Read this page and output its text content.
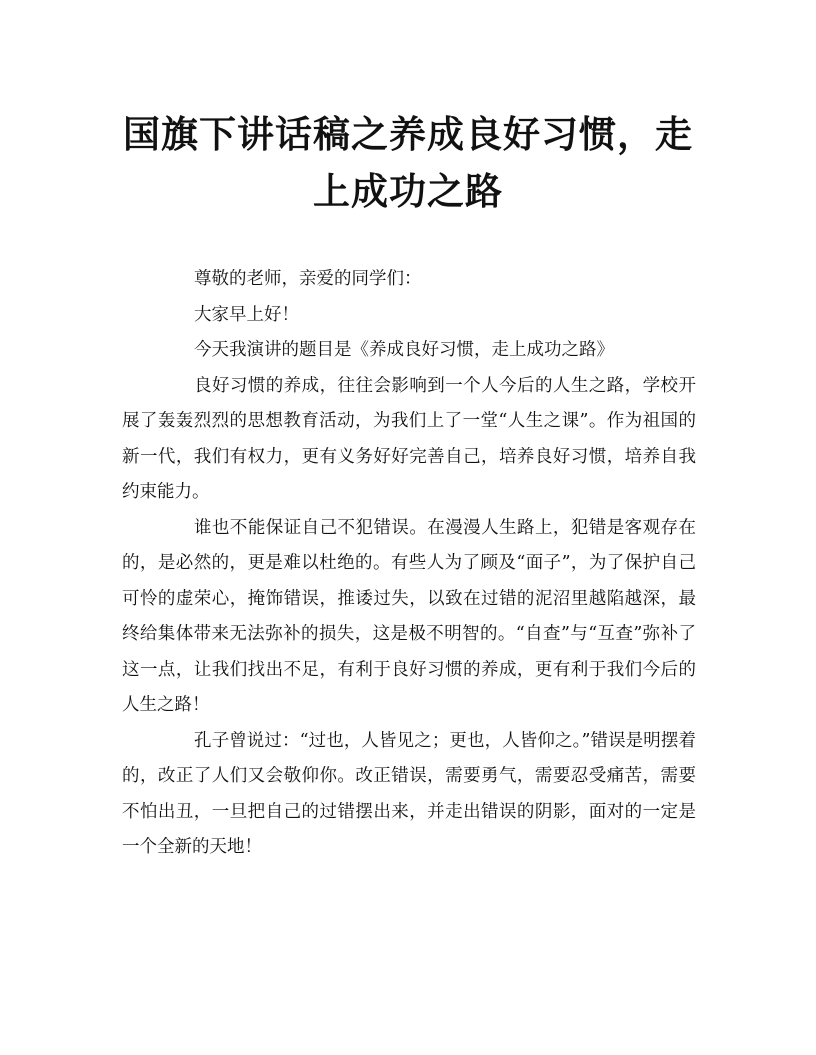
国旗下讲话稿之养成良好习惯，走上成功之路

尊敬的老师，亲爱的同学们：

大家早上好！

今天我演讲的题目是《养成良好习惯，走上成功之路》

良好习惯的养成，往往会影响到一个人今后的人生之路，学校开展了轰轰烈烈的思想教育活动，为我们上了一堂“人生之课”。作为祖国的新一代，我们有权力，更有义务好好完善自己，培养良好习惯，培养自我约束能力。

谁也不能保证自己不犯错误。在漫漫人生路上，犯错是客观存在的，是必然的，更是难以杜绝的。有些人为了顾及“面子”，为了保护自己可怜的虚荣心，掩饰错误，推诿过失，以致在过错的泥沼里越陷越深，最终给集体带来无法弥补的损失，这是极不明智的。“自查”与“互查”弥补了这一点，让我们找出不足，有利于良好习惯的养成，更有利于我们今后的人生之路！

孔子曾说过：“过也，人皆见之；更也，人皆仰之。”错误是明摆着的，改正了人们又会敬仰你。改正错误，需要勇气，需要忍受痛苦，需要不怕出丑，一旦把自己的过错摆出来，并走出错误的阴影，面对的一定是一个全新的天地！
